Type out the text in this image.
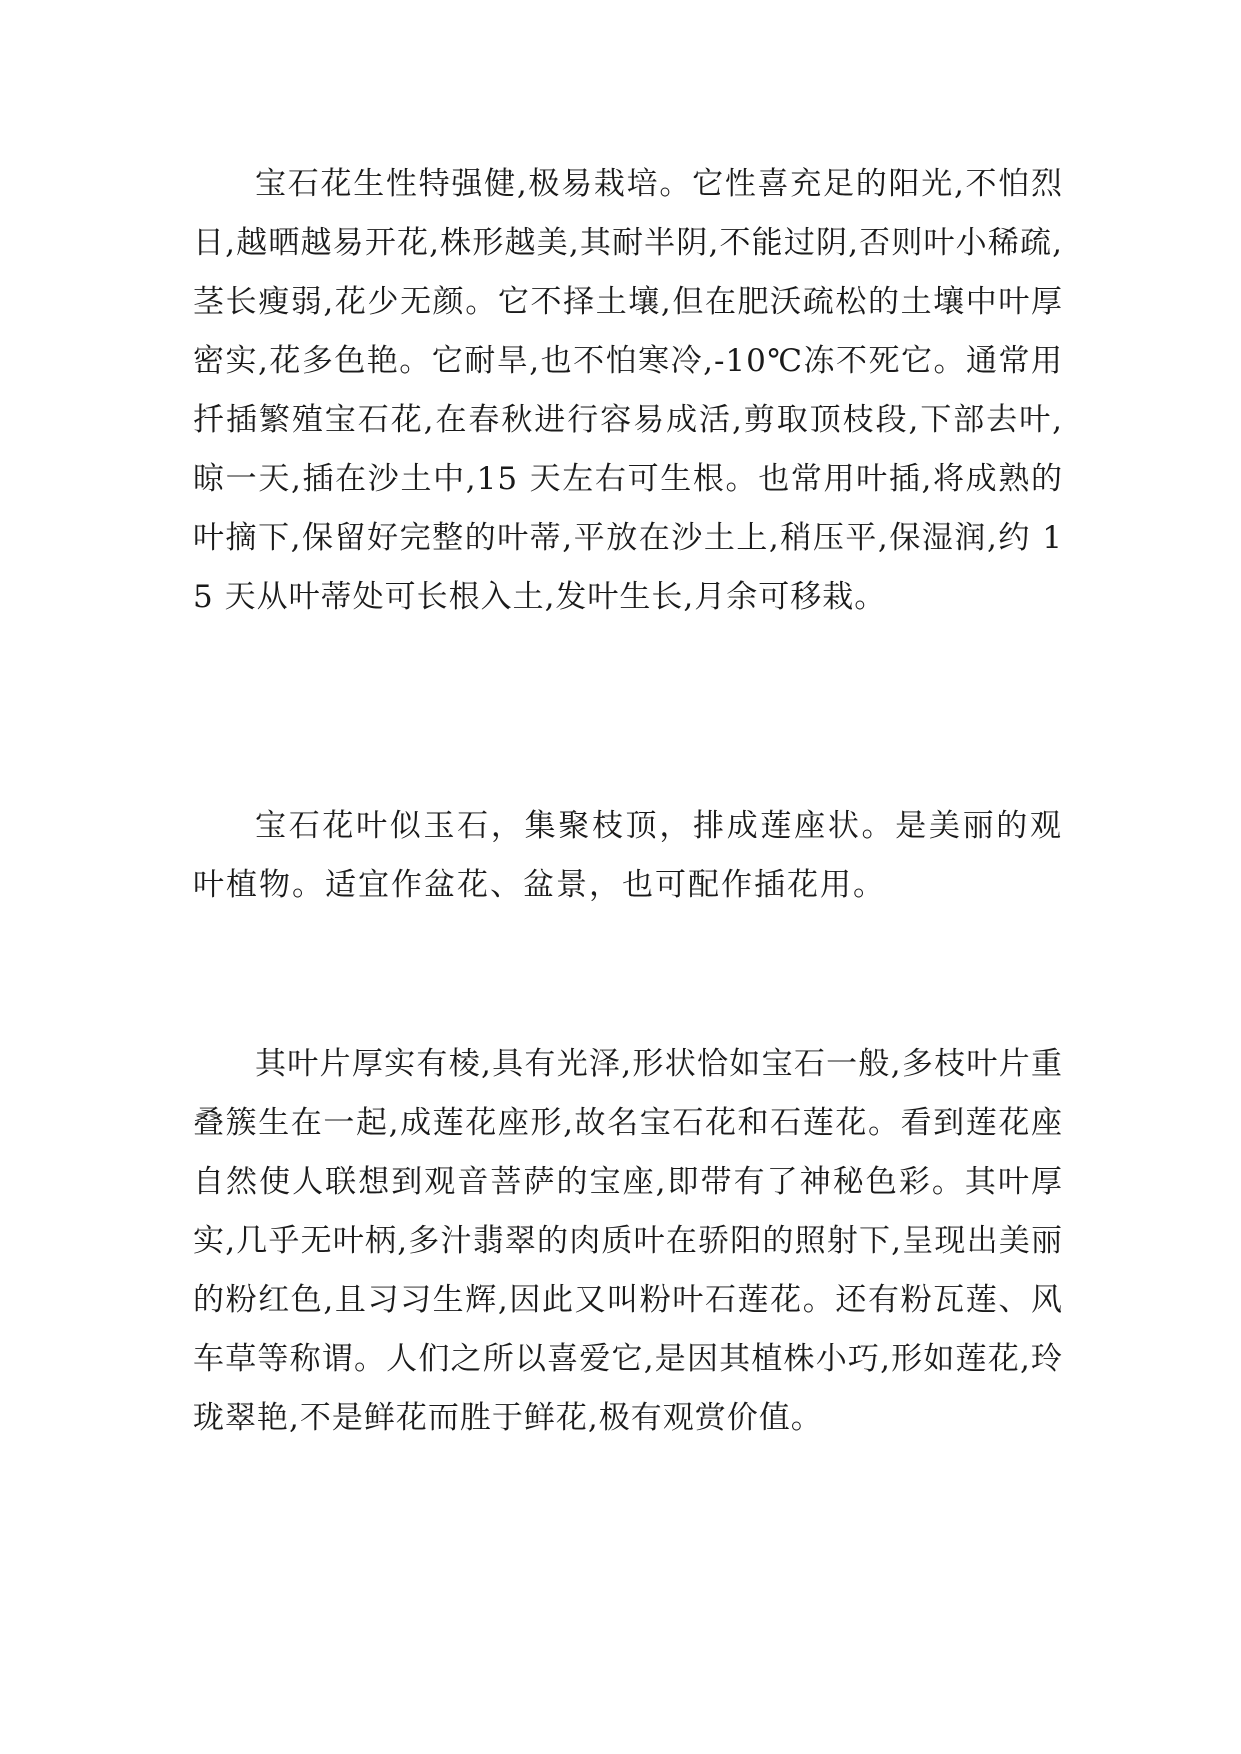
宝石花生性特强健,极易栽培。它性喜充足的阳光,不怕烈日,越晒越易开花,株形越美,其耐半阴,不能过阴,否则叶小稀疏,茎长瘦弱,花少无颜。它不择土壤,但在肥沃疏松的土壤中叶厚密实,花多色艳。它耐旱,也不怕寒冷,-10℃冻不死它。通常用扦插繁殖宝石花,在春秋进行容易成活,剪取顶枝段,下部去叶,晾一天,插在沙土中,15 天左右可生根。也常用叶插,将成熟的叶摘下,保留好完整的叶蒂,平放在沙土上,稍压平,保湿润,约 15 天从叶蒂处可长根入土,发叶生长,月余可移栽。

宝石花叶似玉石，集聚枝顶，排成莲座状。是美丽的观叶植物。适宜作盆花、盆景，也可配作插花用。

其叶片厚实有棱,具有光泽,形状恰如宝石一般,多枝叶片重叠簇生在一起,成莲花座形,故名宝石花和石莲花。看到莲花座自然使人联想到观音菩萨的宝座,即带有了神秘色彩。其叶厚实,几乎无叶柄,多汁翡翠的肉质叶在骄阳的照射下,呈现出美丽的粉红色,且习习生辉,因此又叫粉叶石莲花。还有粉瓦莲、风车草等称谓。人们之所以喜爱它,是因其植株小巧,形如莲花,玲珑翠艳,不是鲜花而胜于鲜花,极有观赏价值。
